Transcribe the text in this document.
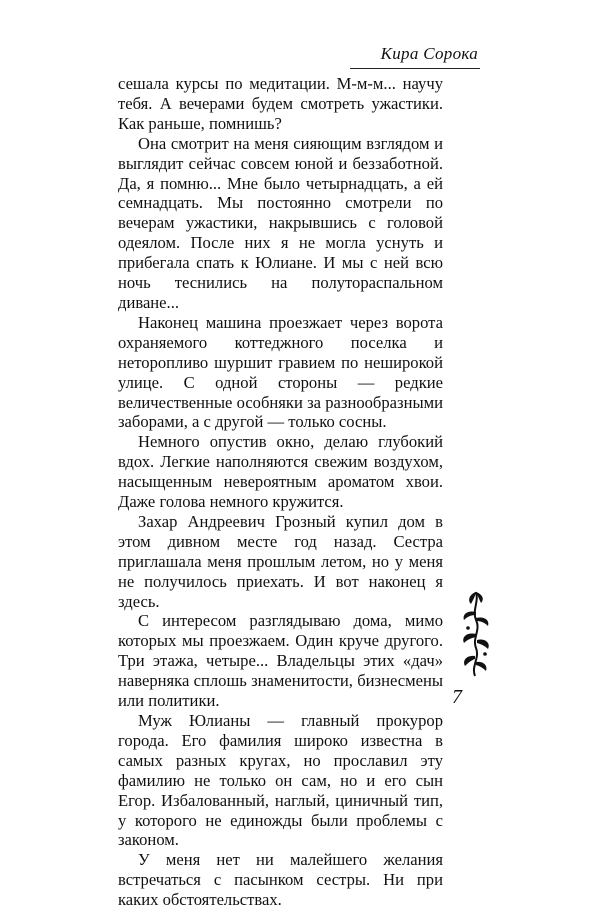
Кира Сорока

сешала курсы по медитации. М-м-м... научу тебя. А вечерами будем смотреть ужастики. Как раньше, помнишь?

Она смотрит на меня сияющим взглядом и выглядит сейчас совсем юной и беззаботной. Да, я помню... Мне было четырнадцать, а ей семнадцать. Мы постоянно смотрели по вечерам ужастики, накрывшись с головой одеялом. После них я не могла уснуть и прибегала спать к Юлиане. И мы с ней всю ночь теснились на полутораспальном диване...

Наконец машина проезжает через ворота охраняемого коттеджного поселка и неторопливо шуршит гравием по неширокой улице. С одной стороны — редкие величественные особняки за разнообразными заборами, а с другой — только сосны.

Немного опустив окно, делаю глубокий вдох. Легкие наполняются свежим воздухом, насыщенным невероятным ароматом хвои. Даже голова немного кружится.

Захар Андреевич Грозный купил дом в этом дивном месте год назад. Сестра приглашала меня прошлым летом, но у меня не получилось приехать. И вот наконец я здесь.

С интересом разглядываю дома, мимо которых мы проезжаем. Один круче другого. Три этажа, четыре... Владельцы этих «дач» наверняка сплошь знаменитости, бизнесмены или политики.

Муж Юлианы — главный прокурор города. Его фамилия широко известна в самых разных кругах, но прославил эту фамилию не только он сам, но и его сын Егор. Избалованный, наглый, циничный тип, у которого не единожды были проблемы с законом.

У меня нет ни малейшего желания встречаться с пасынком сестры. Ни при каких обстоятельствах.

7
